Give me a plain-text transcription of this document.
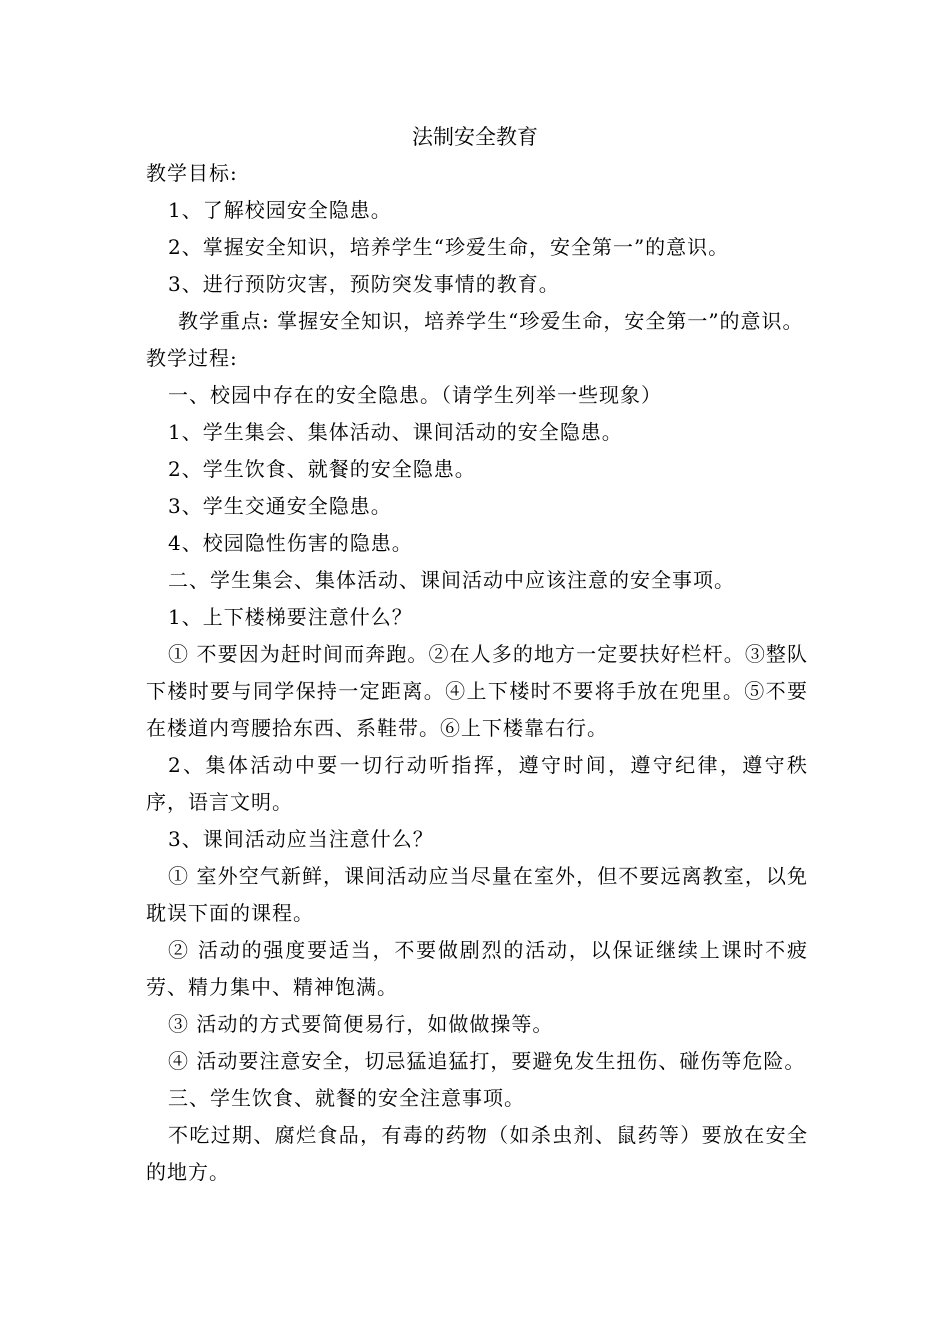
法制安全教育

教学目标:

1、了解校园安全隐患。

2、掌握安全知识，培养学生“珍爱生命，安全第一”的意识。

3、进行预防灾害，预防突发事情的教育。

教学重点: 掌握安全知识，培养学生“珍爱生命，安全第一”的意识。

教学过程:

一、校园中存在的安全隐患。（请学生列举一些现象）

1、学生集会、集体活动、课间活动的安全隐患。

2、学生饮食、就餐的安全隐患。

3、学生交通安全隐患。

4、校园隐性伤害的隐患。

二、学生集会、集体活动、课间活动中应该注意的安全事项。

1、上下楼梯要注意什么？

① 不要因为赶时间而奔跑。②在人多的地方一定要扶好栏杆。③整队下楼时要与同学保持一定距离。④上下楼时不要将手放在兜里。⑤不要在楼道内弯腰拾东西、系鞋带。⑥上下楼靠右行。

2、集体活动中要一切行动听指挥，遵守时间，遵守纪律，遵守秩序，语言文明。

3、课间活动应当注意什么？

① 室外空气新鲜，课间活动应当尽量在室外，但不要远离教室，以免耽误下面的课程。

② 活动的强度要适当，不要做剧烈的活动，以保证继续上课时不疲劳、精力集中、精神饱满。

③ 活动的方式要简便易行，如做做操等。

④ 活动要注意安全，切忌猛追猛打，要避免发生扭伤、碰伤等危险。

三、学生饮食、就餐的安全注意事项。

不吃过期、腐烂食品，有毒的药物（如杀虫剂、鼠药等）要放在安全的地方。
